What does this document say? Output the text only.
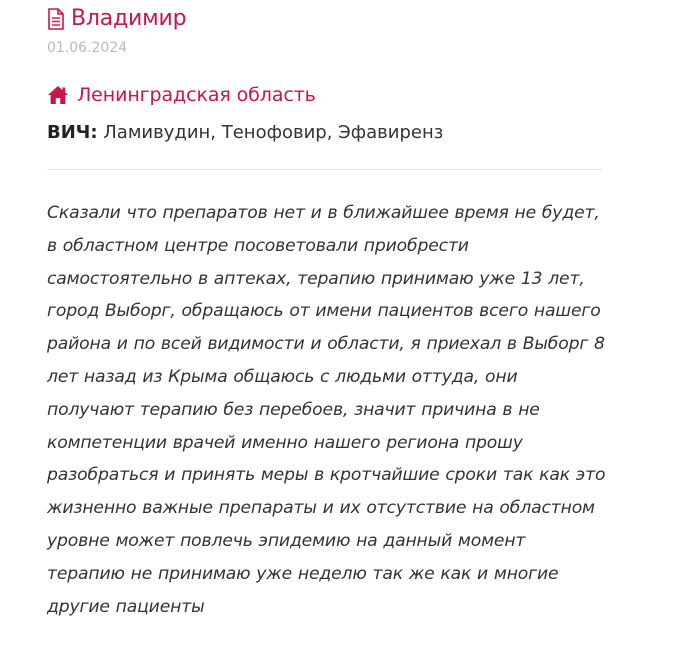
Владимир
01.06.2024
Ленинградская область
ВИЧ: Ламивудин, Тенофовир, Эфавиренз
Сказали что препаратов нет и в ближайшее время не будет, в областном центре посоветовали приобрести самостоятельно в аптеках, терапию принимаю уже 13 лет, город Выборг, обращаюсь от имени пациентов всего нашего района и по всей видимости и области, я приехал в Выборг 8 лет назад из Крыма общаюсь с людьми оттуда, они получают терапию без перебоев, значит причина в не компетенции врачей именно нашего региона прошу разобраться и принять меры в кротчайшие сроки так как это жизненно важные препараты и их отсутствие на областном уровне может повлечь эпидемию на данный момент терапию не принимаю уже неделю так же как и многие другие пациенты
